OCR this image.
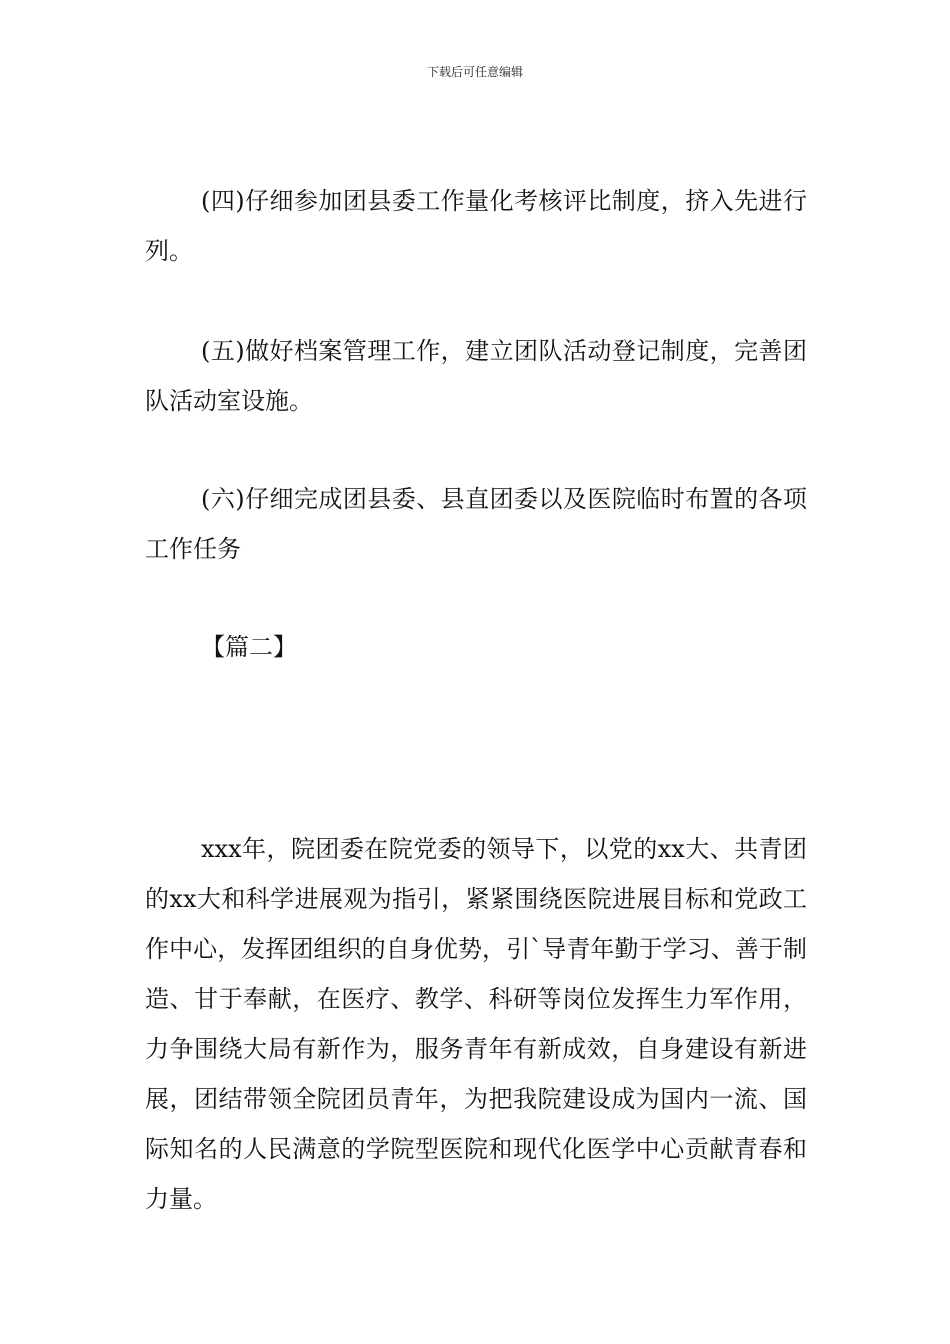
下载后可任意编辑

(四)仔细参加团县委工作量化考核评比制度，挤入先进行列。

(五)做好档案管理工作，建立团队活动登记制度，完善团队活动室设施。

(六)仔细完成团县委、县直团委以及医院临时布置的各项工作任务

【篇二】

xxx年，院团委在院党委的领导下，以党的xx大、共青团的xx大和科学进展观为指引，紧紧围绕医院进展目标和党政工作中心，发挥团组织的自身优势，引`导青年勤于学习、善于制造、甘于奉献，在医疗、教学、科研等岗位发挥生力军作用，力争围绕大局有新作为，服务青年有新成效，自身建设有新进展，团结带领全院团员青年，为把我院建设成为国内一流、国际知名的人民满意的学院型医院和现代化医学中心贡献青春和力量。
